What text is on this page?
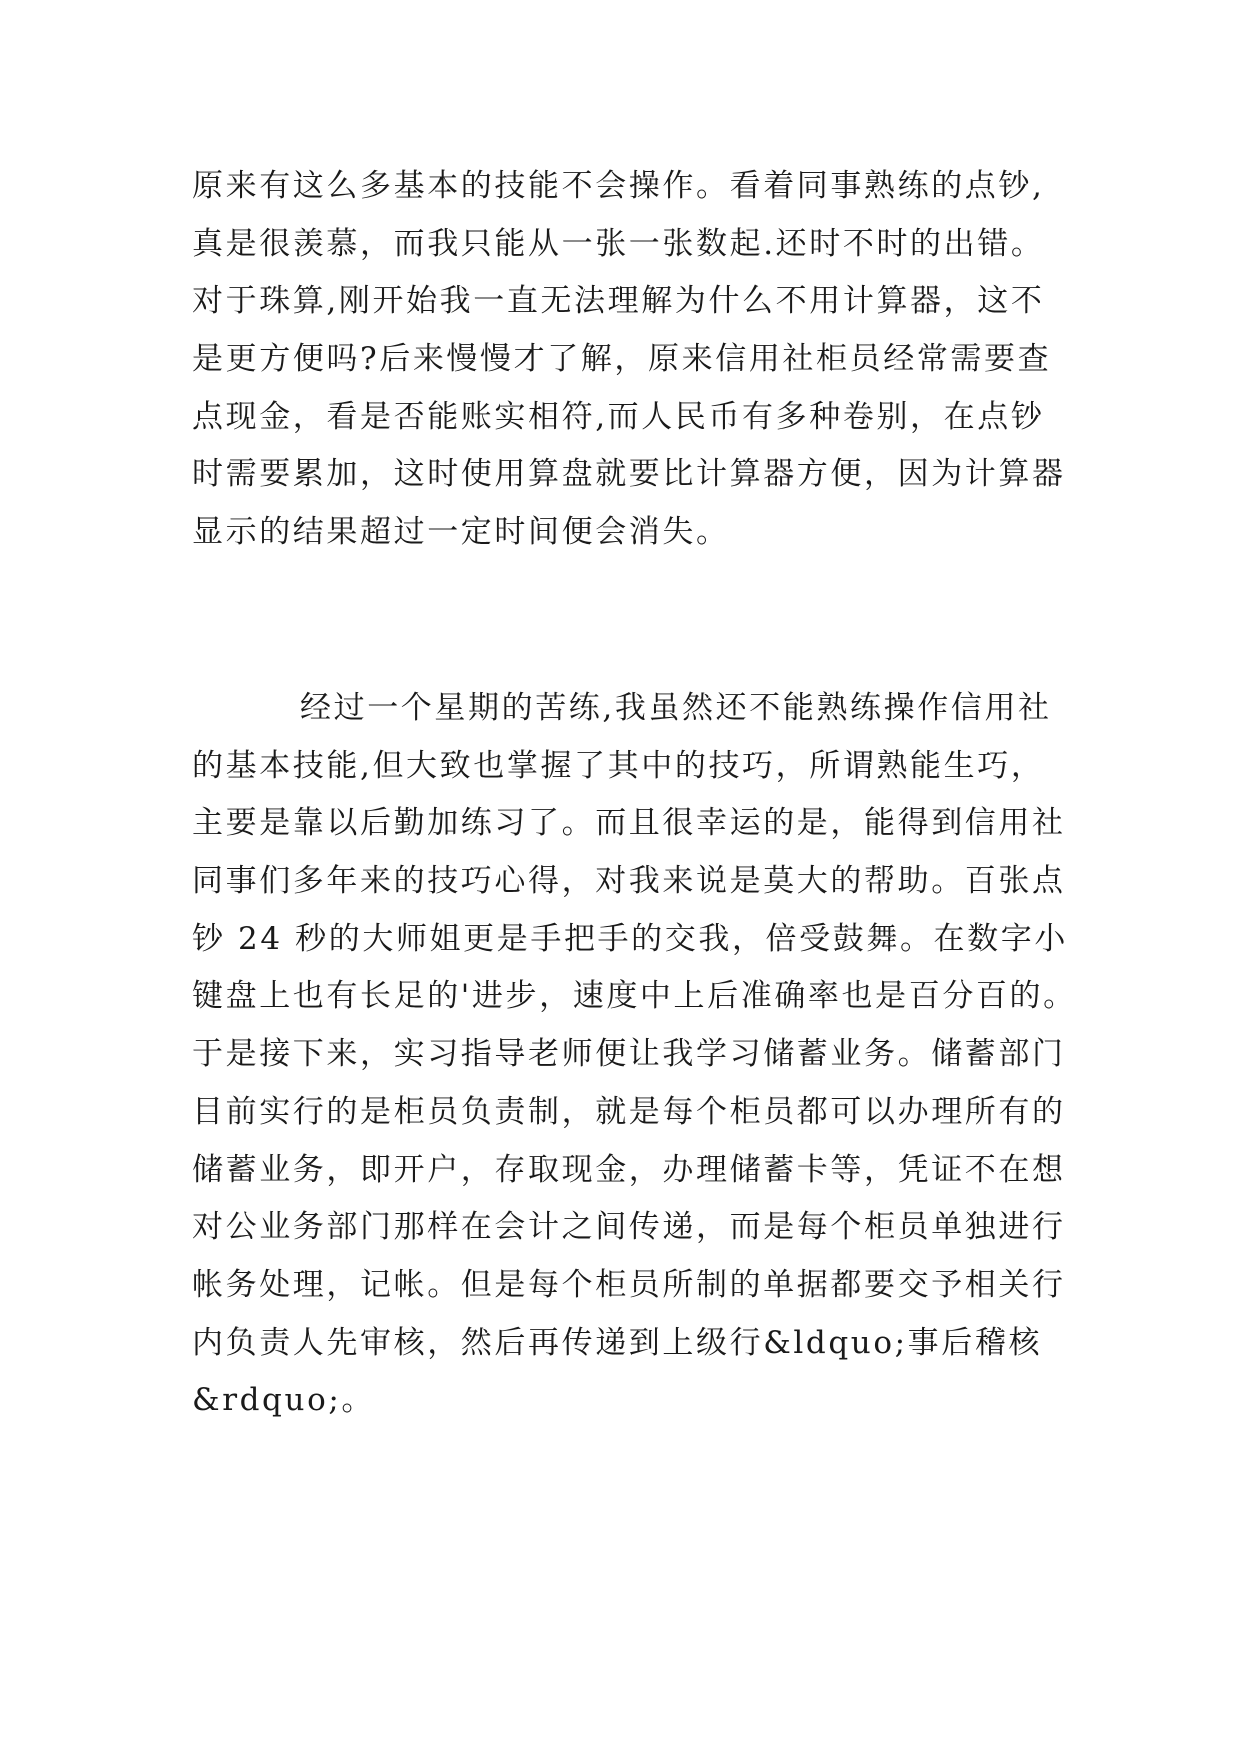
原来有这么多基本的技能不会操作。看着同事熟练的点钞,
真是很羡慕，而我只能从一张一张数起.还时不时的出错。
对于珠算,刚开始我一直无法理解为什么不用计算器，这不
是更方便吗?后来慢慢才了解，原来信用社柜员经常需要查
点现金，看是否能账实相符,而人民币有多种卷别，在点钞
时需要累加，这时使用算盘就要比计算器方便，因为计算器
显示的结果超过一定时间便会消失。
经过一个星期的苦练,我虽然还不能熟练操作信用社
的基本技能,但大致也掌握了其中的技巧，所谓熟能生巧，
主要是靠以后勤加练习了。而且很幸运的是，能得到信用社
同事们多年来的技巧心得，对我来说是莫大的帮助。百张点
钞 24 秒的大师姐更是手把手的交我，倍受鼓舞。在数字小
键盘上也有长足的'进步，速度中上后准确率也是百分百的。
于是接下来，实习指导老师便让我学习储蓄业务。储蓄部门
目前实行的是柜员负责制，就是每个柜员都可以办理所有的
储蓄业务，即开户，存取现金，办理储蓄卡等，凭证不在想
对公业务部门那样在会计之间传递，而是每个柜员单独进行
帐务处理，记帐。但是每个柜员所制的单据都要交予相关行
内负责人先审核，然后再传递到上级行&ldquo;事后稽核
&rdquo;。
